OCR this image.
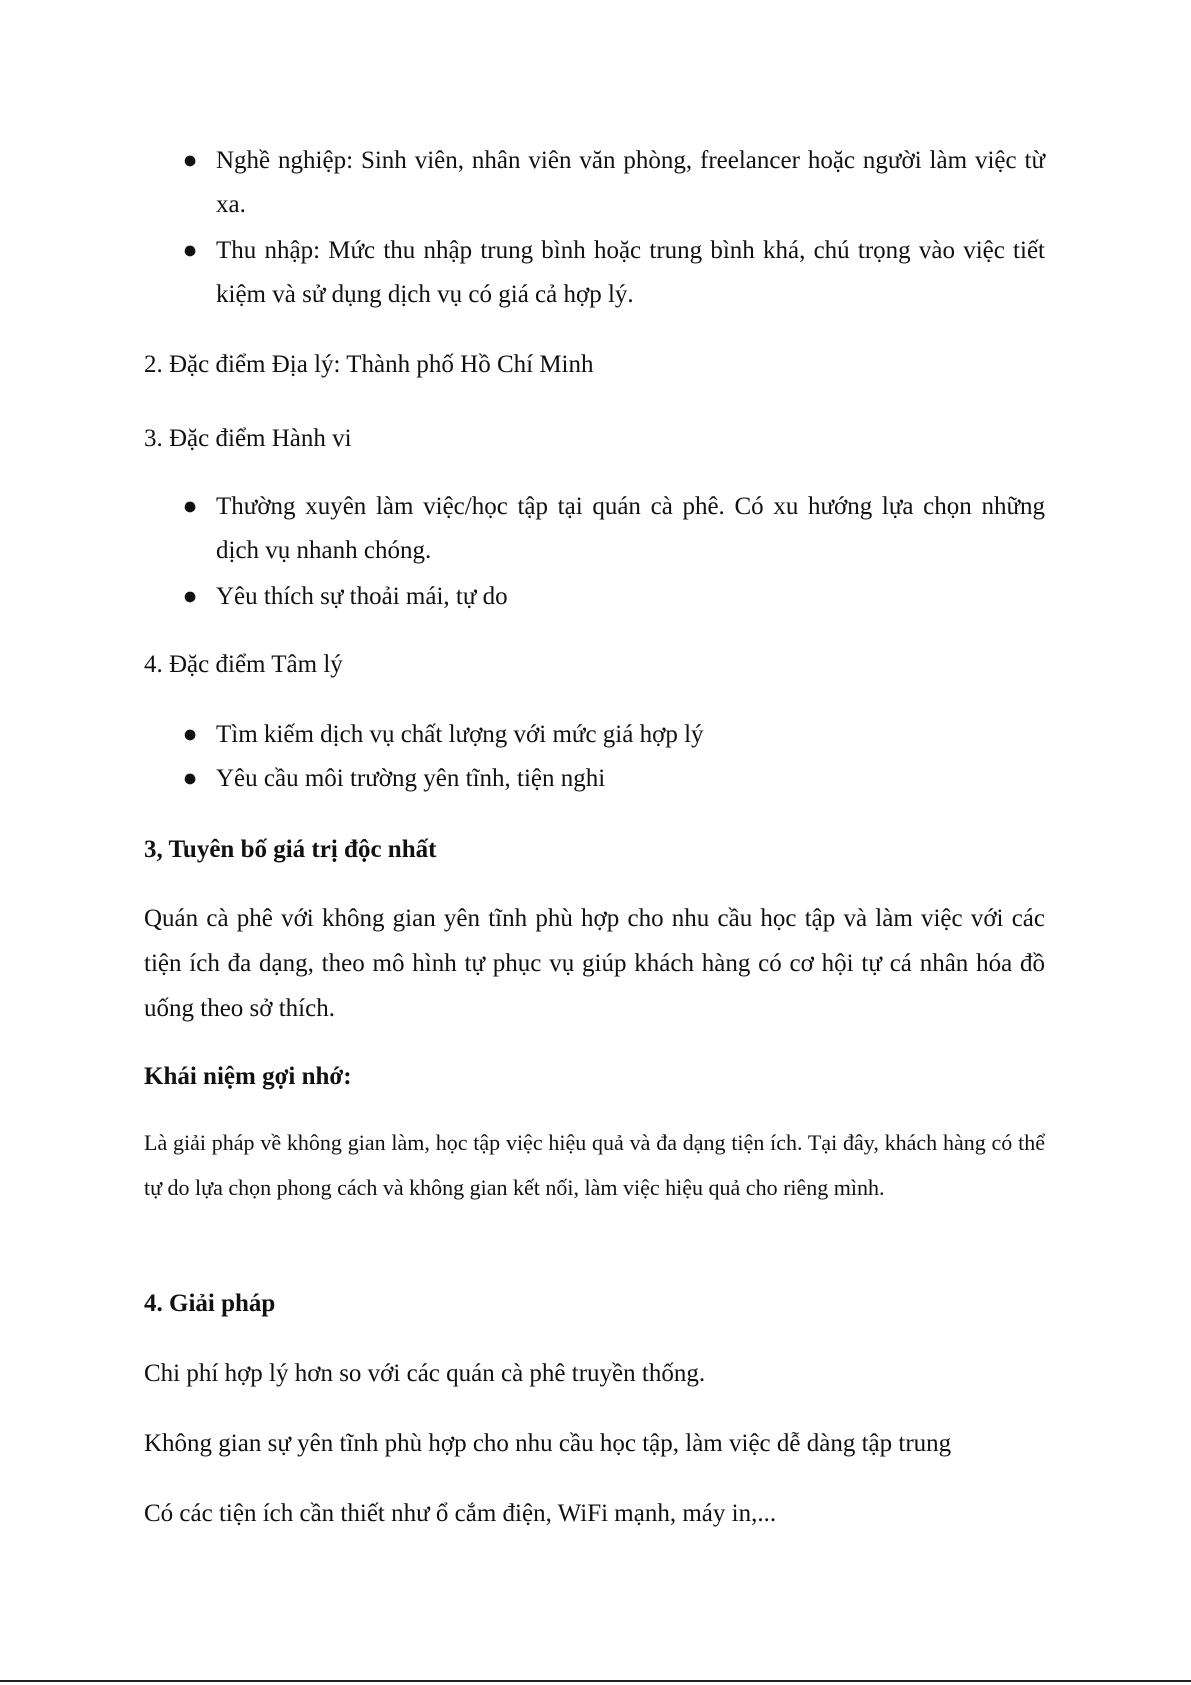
● Nghề nghiệp: Sinh viên, nhân viên văn phòng, freelancer hoặc người làm việc từ xa.
● Thu nhập: Mức thu nhập trung bình hoặc trung bình khá, chú trọng vào việc tiết kiệm và sử dụng dịch vụ có giá cả hợp lý.
2. Đặc điểm Địa lý: Thành phố Hồ Chí Minh
3. Đặc điểm Hành vi
● Thường xuyên làm việc/học tập tại quán cà phê. Có xu hướng lựa chọn những dịch vụ nhanh chóng.
● Yêu thích sự thoải mái, tự do
4. Đặc điểm Tâm lý
● Tìm kiếm dịch vụ chất lượng với mức giá hợp lý
● Yêu cầu môi trường yên tĩnh, tiện nghi
3, Tuyên bố giá trị độc nhất
Quán cà phê với không gian yên tĩnh phù hợp cho nhu cầu học tập và làm việc với các tiện ích đa dạng, theo mô hình tự phục vụ giúp khách hàng có cơ hội tự cá nhân hóa đồ uống theo sở thích.
Khái niệm gợi nhớ:
Là giải pháp về không gian làm, học tập việc hiệu quả và đa dạng tiện ích. Tại đây, khách hàng có thể tự do lựa chọn phong cách và không gian kết nối, làm việc hiệu quả cho riêng mình.
4. Giải pháp
Chi phí hợp lý hơn so với các quán cà phê truyền thống.
Không gian sự yên tĩnh phù hợp cho nhu cầu học tập, làm việc dễ dàng tập trung
Có các tiện ích cần thiết như ổ cắm điện, WiFi mạnh, máy in,...
